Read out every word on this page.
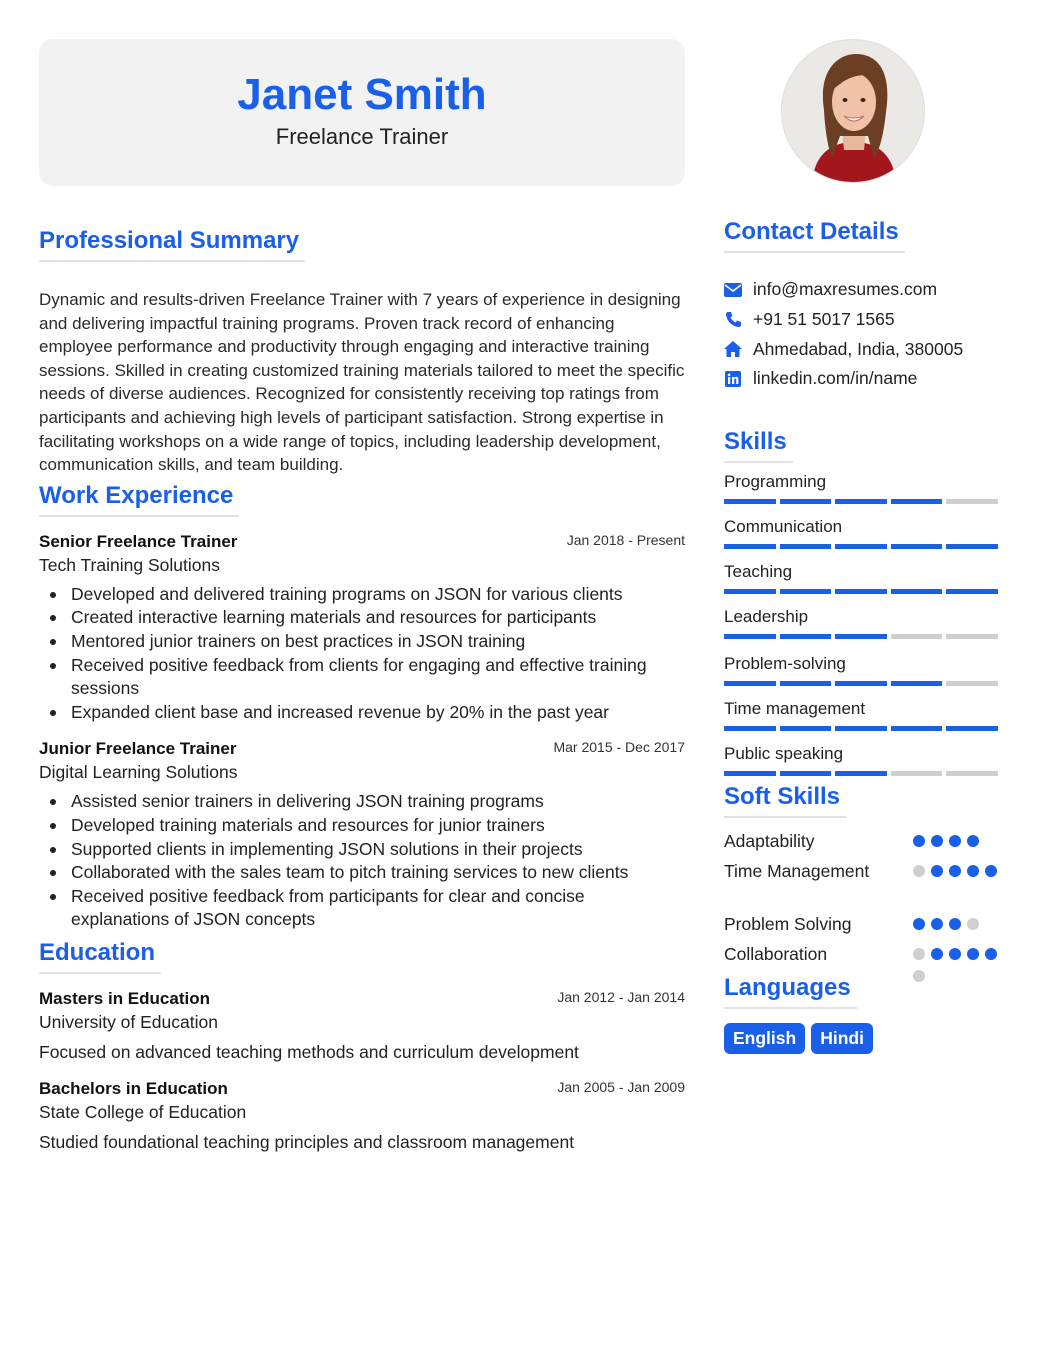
Janet Smith
Freelance Trainer
Professional Summary
Dynamic and results-driven Freelance Trainer with 7 years of experience in designing and delivering impactful training programs. Proven track record of enhancing employee performance and productivity through engaging and interactive training sessions. Skilled in creating customized training materials tailored to meet the specific needs of diverse audiences. Recognized for consistently receiving top ratings from participants and achieving high levels of participant satisfaction. Strong expertise in facilitating workshops on a wide range of topics, including leadership development, communication skills, and team building.
Work Experience
Senior Freelance Trainer	Jan 2018 - Present
Tech Training Solutions
Developed and delivered training programs on JSON for various clients
Created interactive learning materials and resources for participants
Mentored junior trainers on best practices in JSON training
Received positive feedback from clients for engaging and effective training sessions
Expanded client base and increased revenue by 20% in the past year
Junior Freelance Trainer	Mar 2015 - Dec 2017
Digital Learning Solutions
Assisted senior trainers in delivering JSON training programs
Developed training materials and resources for junior trainers
Supported clients in implementing JSON solutions in their projects
Collaborated with the sales team to pitch training services to new clients
Received positive feedback from participants for clear and concise explanations of JSON concepts
Education
Masters in Education	Jan 2012 - Jan 2014
University of Education
Focused on advanced teaching methods and curriculum development
Bachelors in Education	Jan 2005 - Jan 2009
State College of Education
Studied foundational teaching principles and classroom management
Contact Details
info@maxresumes.com
+91 51 5017 1565
Ahmedabad, India, 380005
linkedin.com/in/name
Skills
Programming
Communication
Teaching
Leadership
Problem-solving
Time management
Public speaking
Soft Skills
Adaptability
Time Management
Problem Solving
Collaboration
Languages
English	Hindi
